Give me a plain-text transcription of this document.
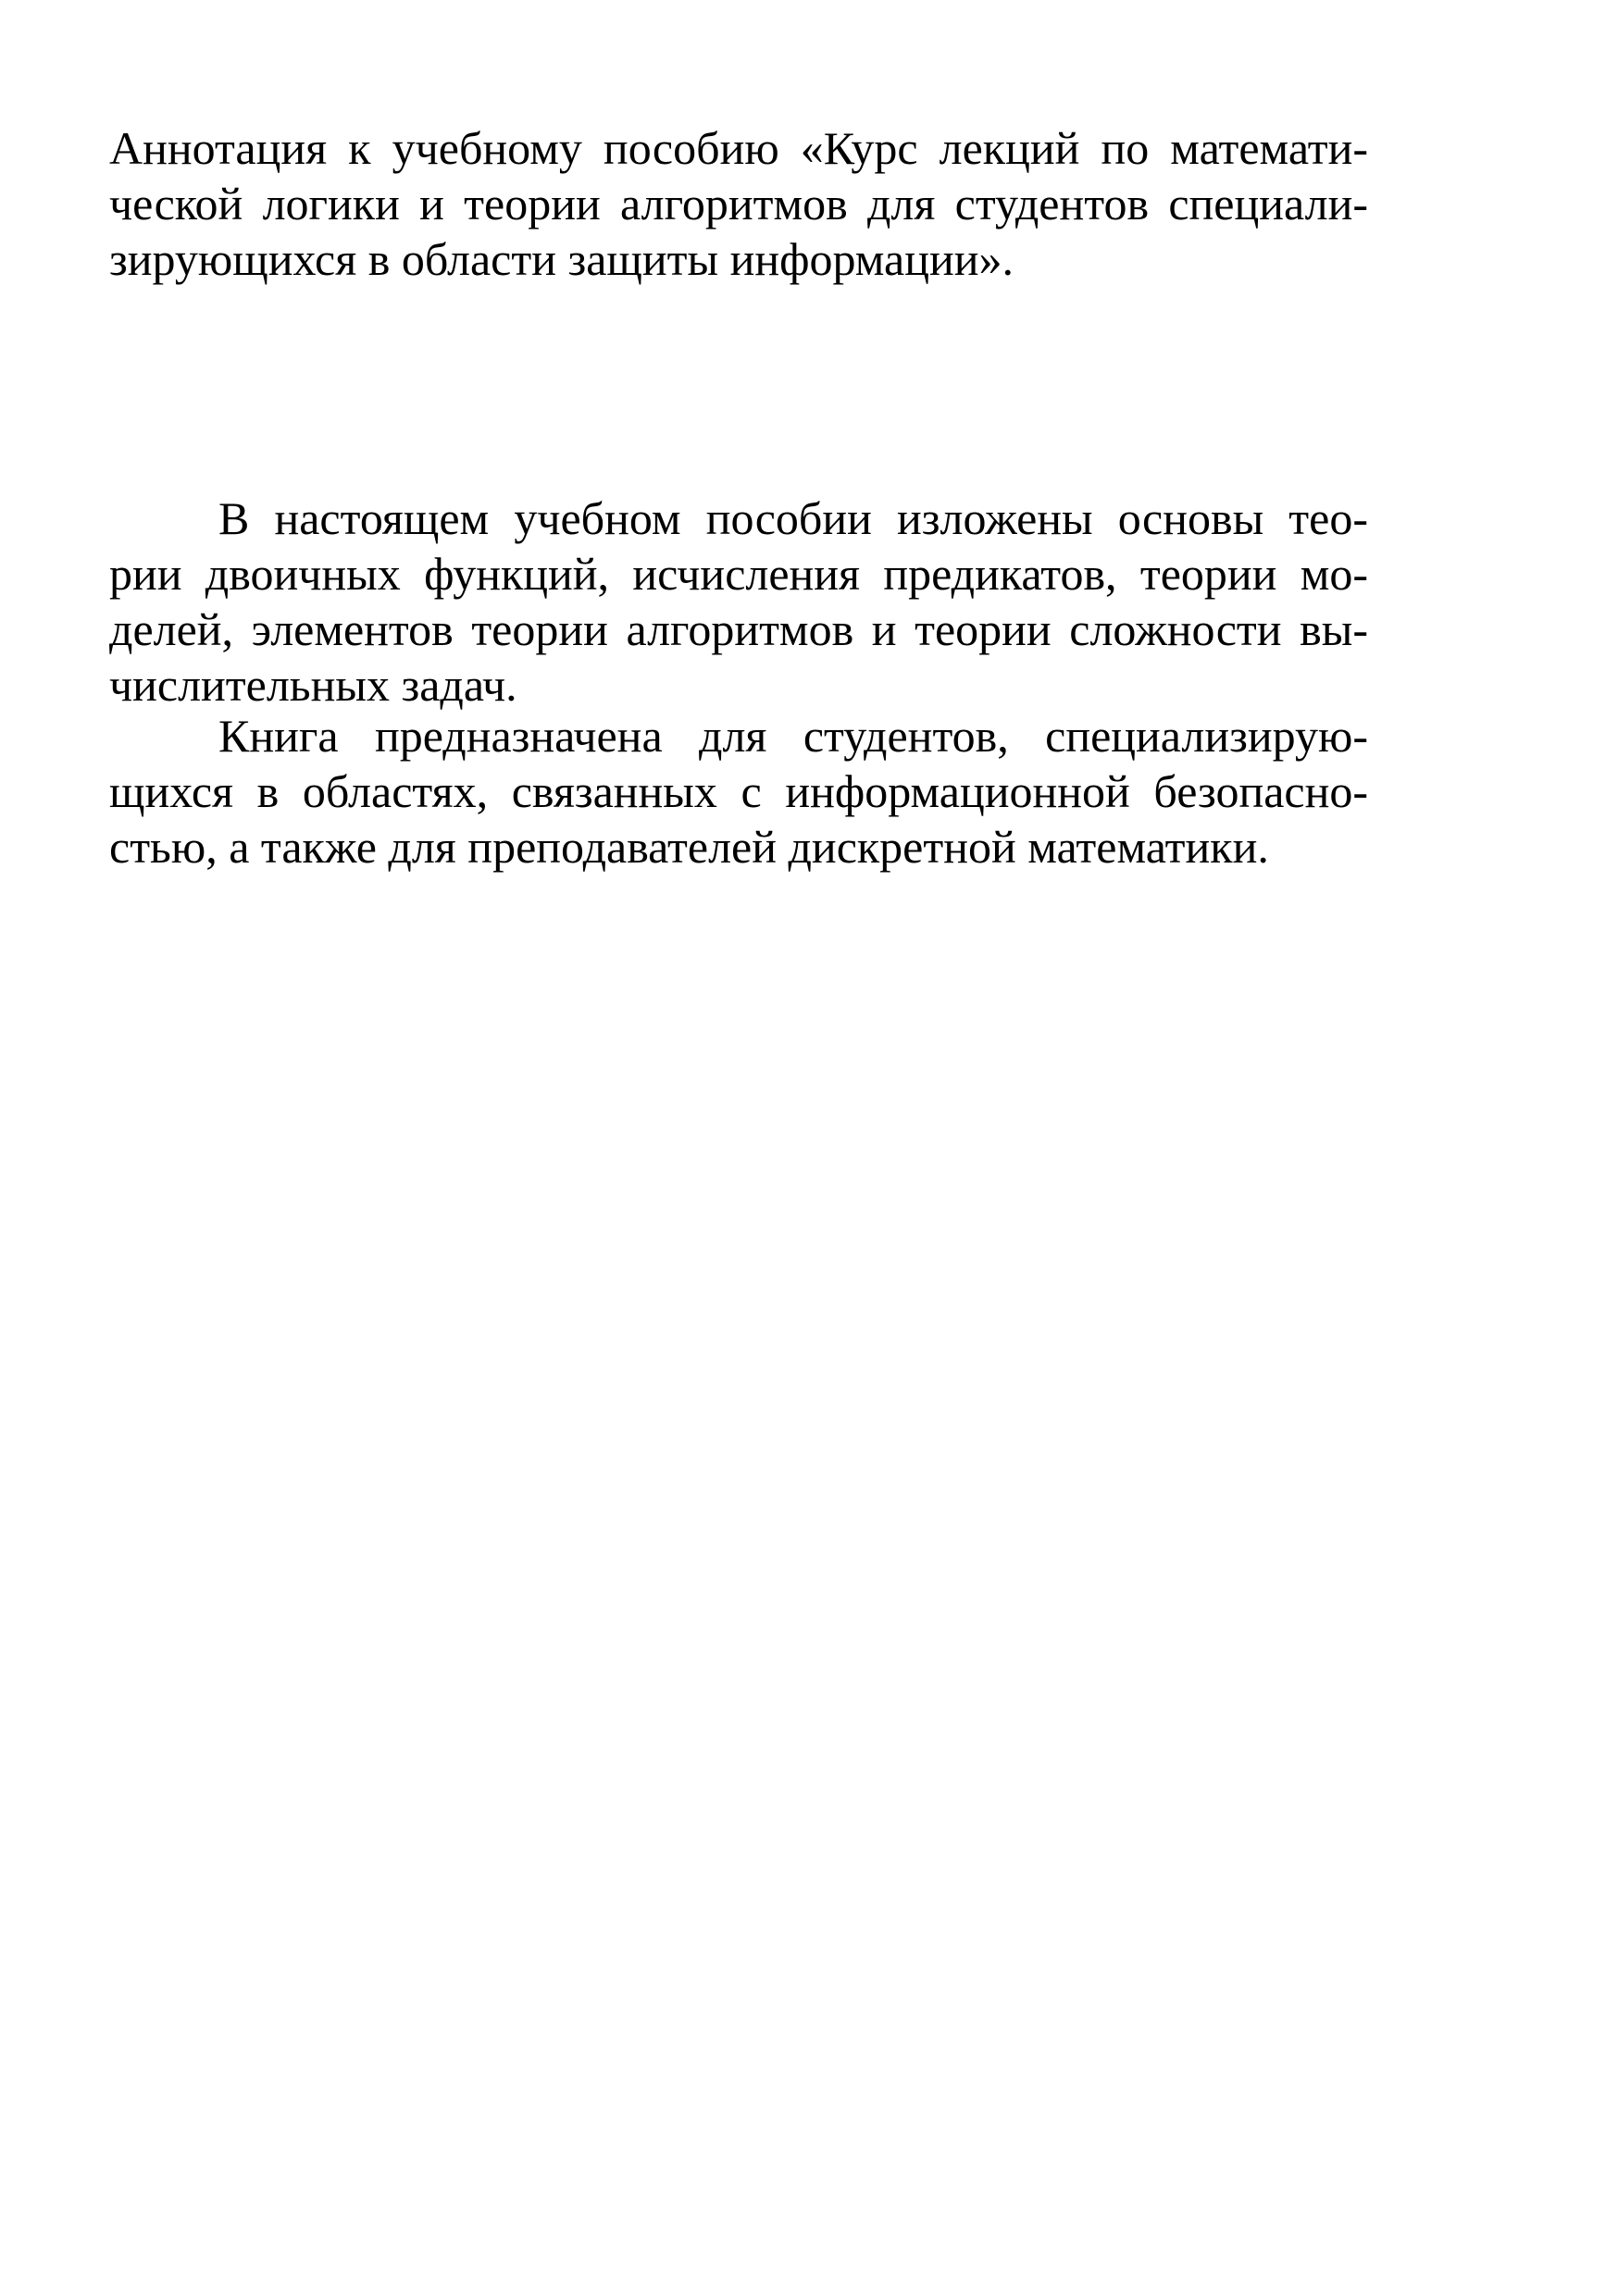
Аннотация к учебному пособию «Курс лекций по математи-
ческой логики и теории алгоритмов для студентов специали-
зирующихся в области защиты информации».
В настоящем учебном пособии изложены основы тео-
рии двоичных функций, исчисления предикатов, теории мо-
делей, элементов теории алгоритмов и теории сложности вы-
числительных задач.
Книга предназначена для студентов, специализирую-
щихся в областях, связанных с информационной безопасно-
стью, а также для преподавателей дискретной математики.
